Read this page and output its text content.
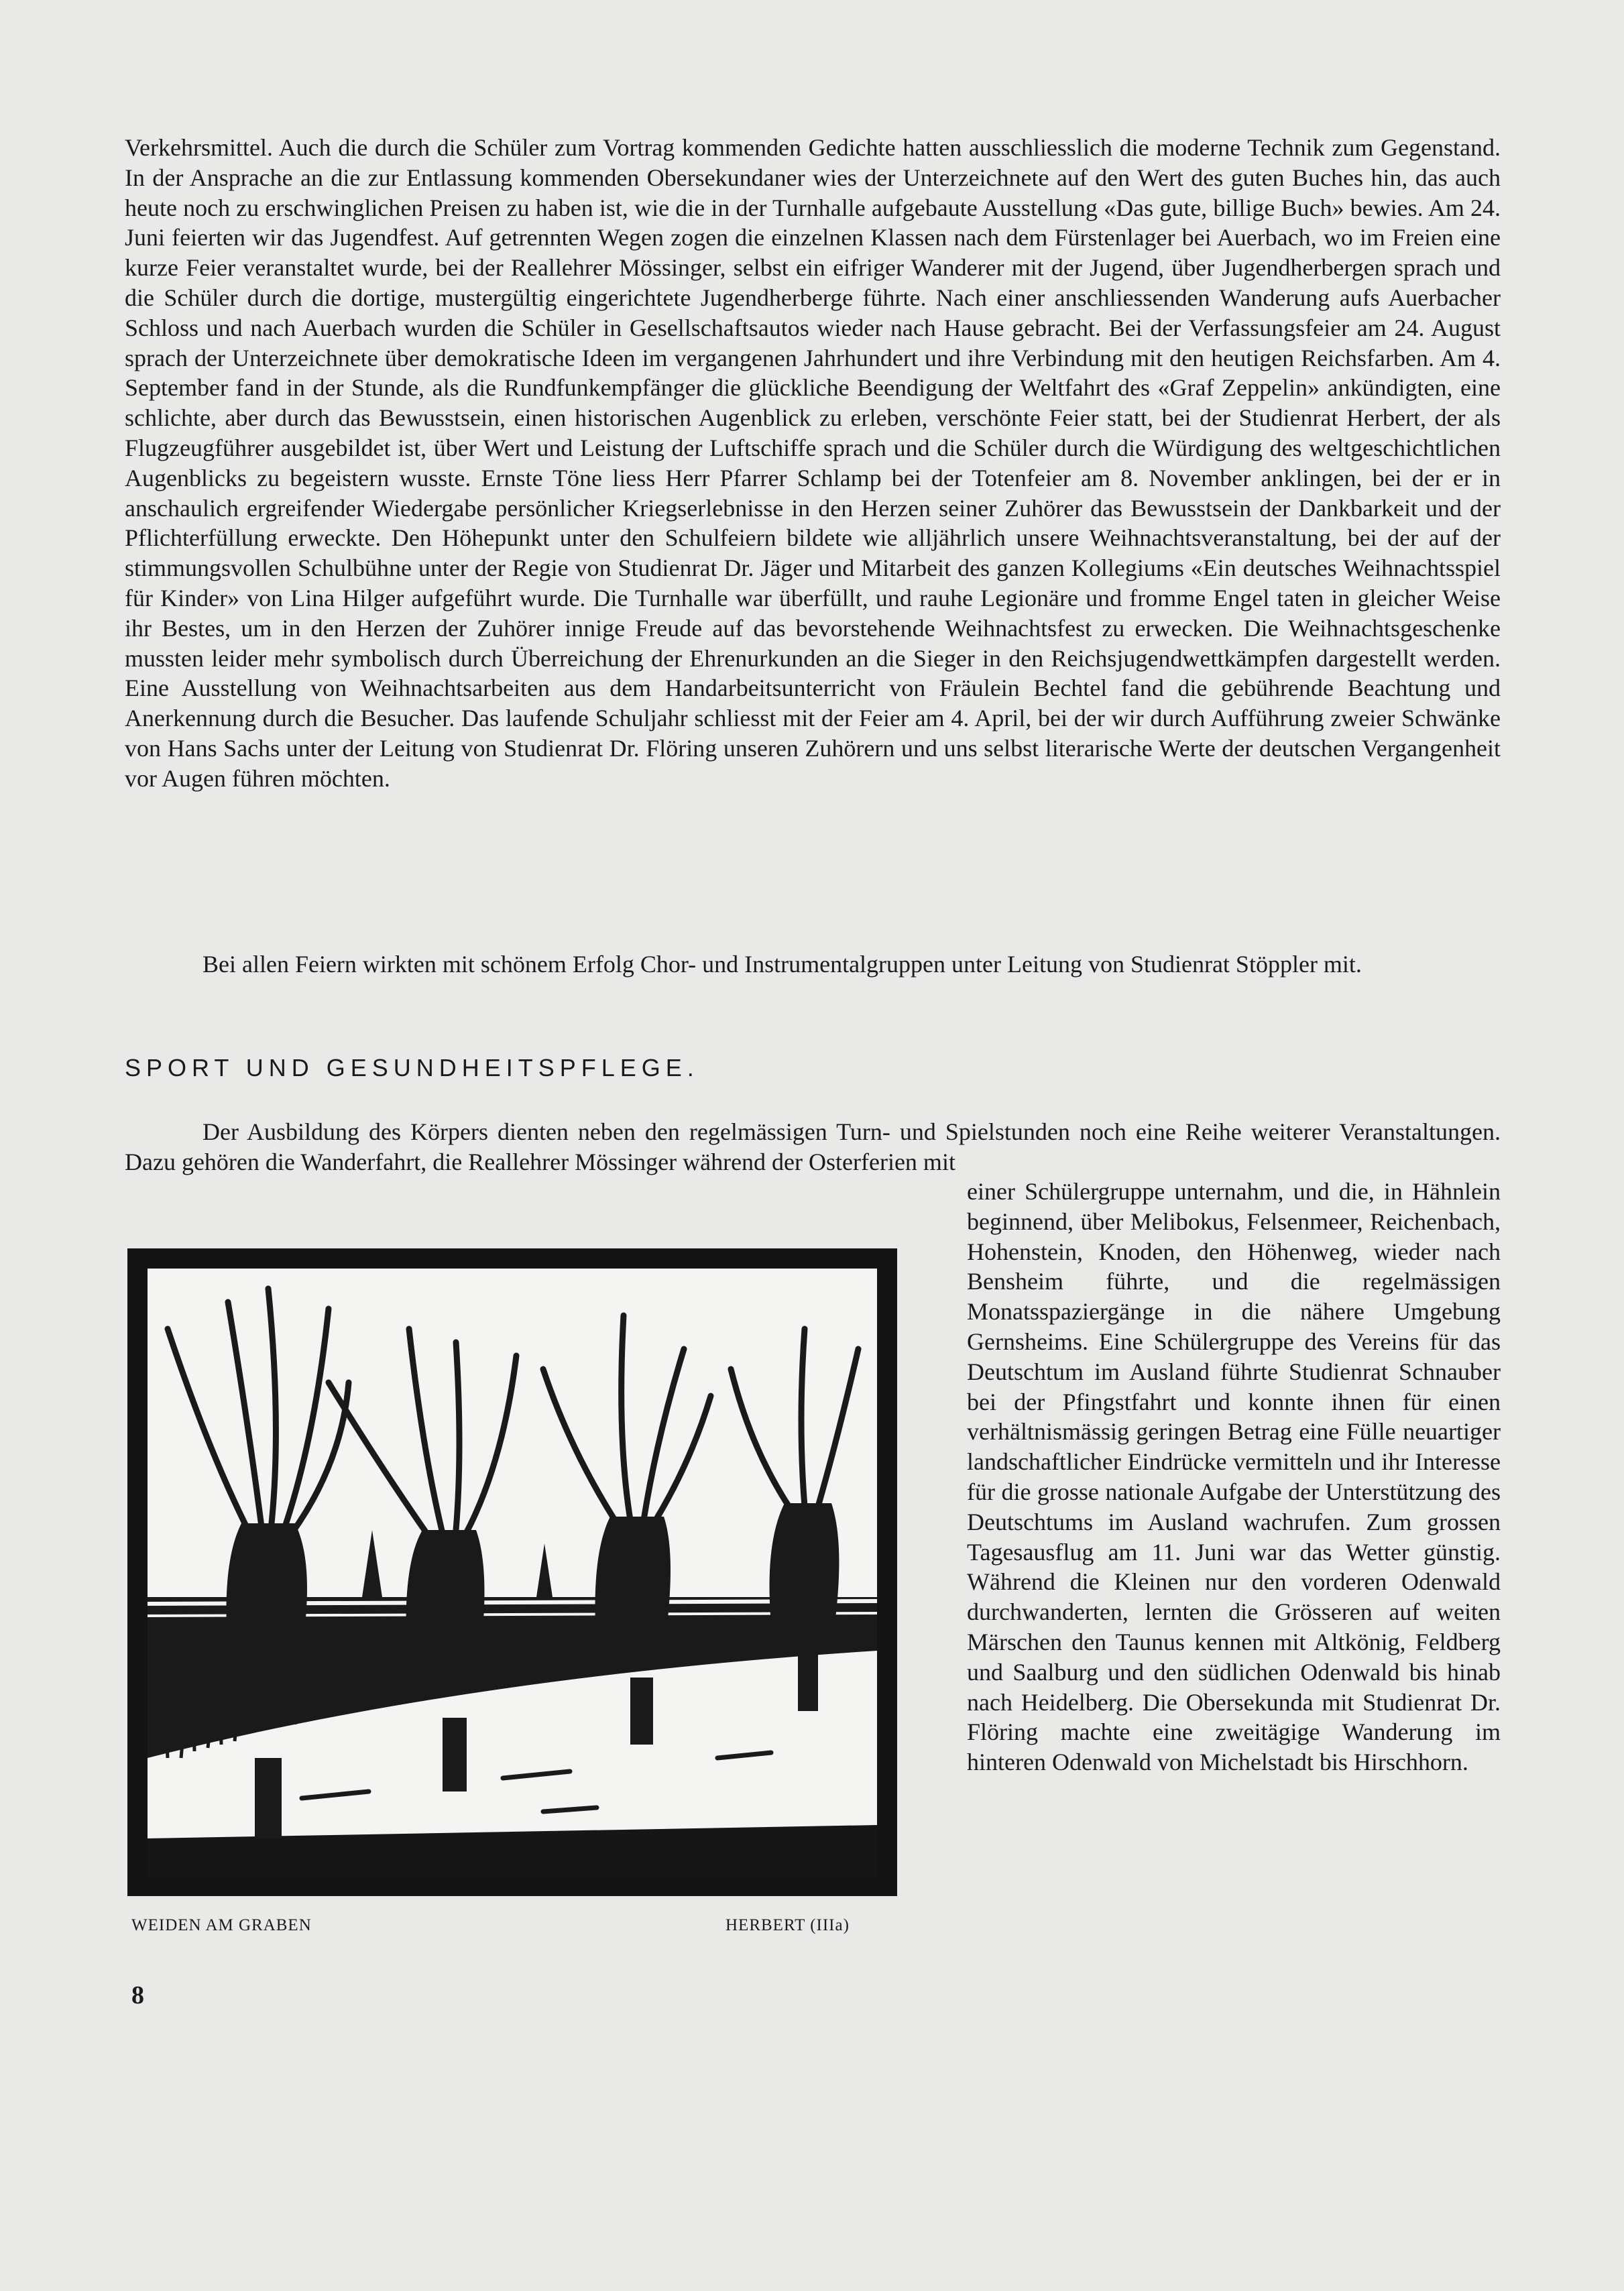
Verkehrsmittel. Auch die durch die Schüler zum Vortrag kommenden Gedichte hatten ausschliesslich die moderne Technik zum Gegenstand. In der Ansprache an die zur Entlassung kommenden Obersekundaner wies der Unterzeichnete auf den Wert des guten Buches hin, das auch heute noch zu erschwinglichen Preisen zu haben ist, wie die in der Turnhalle aufgebaute Ausstellung «Das gute, billige Buch» bewies. Am 24. Juni feierten wir das Jugendfest. Auf getrennten Wegen zogen die einzelnen Klassen nach dem Fürstenlager bei Auerbach, wo im Freien eine kurze Feier veranstaltet wurde, bei der Reallehrer Mössinger, selbst ein eifriger Wanderer mit der Jugend, über Jugendherbergen sprach und die Schüler durch die dortige, mustergültig eingerichtete Jugendherberge führte. Nach einer anschliessenden Wanderung aufs Auerbacher Schloss und nach Auerbach wurden die Schüler in Gesellschaftsautos wieder nach Hause gebracht. Bei der Verfassungsfeier am 24. August sprach der Unterzeichnete über demokratische Ideen im vergangenen Jahrhundert und ihre Verbindung mit den heutigen Reichsfarben. Am 4. September fand in der Stunde, als die Rundfunkempfänger die glückliche Beendigung der Weltfahrt des «Graf Zeppelin» ankündigten, eine schlichte, aber durch das Bewusstsein, einen historischen Augenblick zu erleben, verschönte Feier statt, bei der Studienrat Herbert, der als Flugzeugführer ausgebildet ist, über Wert und Leistung der Luftschiffe sprach und die Schüler durch die Würdigung des weltgeschichtlichen Augenblicks zu begeistern wusste. Ernste Töne liess Herr Pfarrer Schlamp bei der Totenfeier am 8. November anklingen, bei der er in anschaulich ergreifender Wiedergabe persönlicher Kriegserlebnisse in den Herzen seiner Zuhörer das Bewusstsein der Dankbarkeit und der Pflichterfüllung erweckte. Den Höhepunkt unter den Schulfeiern bildete wie alljährlich unsere Weihnachtsveranstaltung, bei der auf der stimmungsvollen Schulbühne unter der Regie von Studienrat Dr. Jäger und Mitarbeit des ganzen Kollegiums «Ein deutsches Weihnachtsspiel für Kinder» von Lina Hilger aufgeführt wurde. Die Turnhalle war überfüllt, und rauhe Legionäre und fromme Engel taten in gleicher Weise ihr Bestes, um in den Herzen der Zuhörer innige Freude auf das bevorstehende Weihnachtsfest zu erwecken. Die Weihnachtsgeschenke mussten leider mehr symbolisch durch Überreichung der Ehrenurkunden an die Sieger in den Reichsjugendwettkämpfen dargestellt werden. Eine Ausstellung von Weihnachtsarbeiten aus dem Handarbeitsunterricht von Fräulein Bechtel fand die gebührende Beachtung und Anerkennung durch die Besucher. Das laufende Schuljahr schliesst mit der Feier am 4. April, bei der wir durch Aufführung zweier Schwänke von Hans Sachs unter der Leitung von Studienrat Dr. Flöring unseren Zuhörern und uns selbst literarische Werte der deutschen Vergangenheit vor Augen führen möchten.

Bei allen Feiern wirkten mit schönem Erfolg Chor- und Instrumentalgruppen unter Leitung von Studienrat Stöppler mit.

SPORT UND GESUNDHEITSPFLEGE.

Der Ausbildung des Körpers dienten neben den regelmässigen Turn- und Spielstunden noch eine Reihe weiterer Veranstaltungen. Dazu gehören die Wanderfahrt, die Reallehrer Mössinger während der Osterferien mit

einer Schülergruppe unternahm, und die, in Hähnlein beginnend, über Melibokus, Felsenmeer, Reichenbach, Hohenstein, Knoden, den Höhenweg, wieder nach Bensheim führte, und die regelmässigen Monatsspaziergänge in die nähere Umgebung Gernsheims. Eine Schülergruppe des Vereins für das Deutschtum im Ausland führte Studienrat Schnauber bei der Pfingstfahrt und konnte ihnen für einen verhältnismässig geringen Betrag eine Fülle neuartiger landschaftlicher Eindrücke vermitteln und ihr Interesse für die grosse nationale Aufgabe der Unterstützung des Deutschtums im Ausland wachrufen. Zum grossen Tagesausflug am 11. Juni war das Wetter günstig. Während die Kleinen nur den vorderen Odenwald durchwanderten, lernten die Grösseren auf weiten Märschen den Taunus kennen mit Altkönig, Feldberg und Saalburg und den südlichen Odenwald bis hinab nach Heidelberg. Die Obersekunda mit Studienrat Dr. Flöring machte eine zweitägige Wanderung im hinteren Odenwald von Michelstadt bis Hirschhorn.

WEIDEN AM GRABEN	HERBERT (IIIa)
8
